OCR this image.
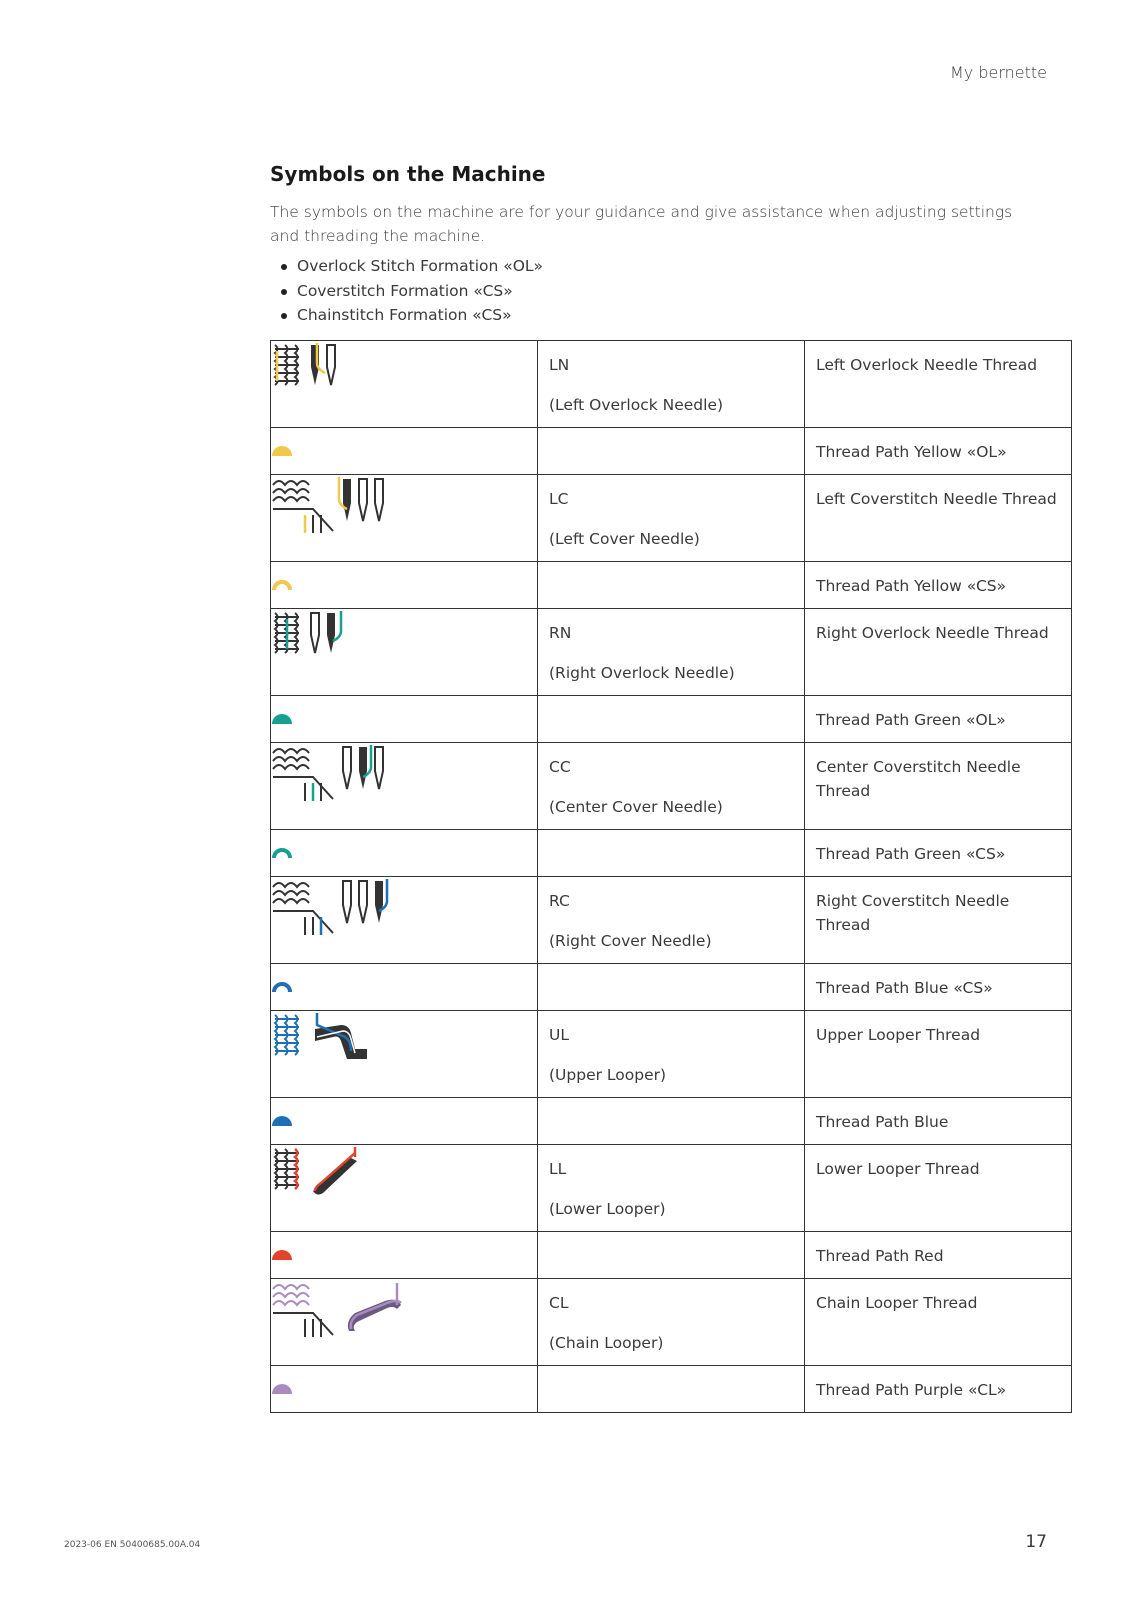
My bernette
Symbols on the Machine
The symbols on the machine are for your guidance and give assistance when adjusting settings and threading the machine.
Overlock Stitch Formation «OL»
Coverstitch Formation «CS»
Chainstitch Formation «CS»

LN
(Left Overlock Needle)	Left Overlock Needle Thread

Thread Path Yellow «OL»

LC
(Left Cover Needle)	Left Coverstitch Needle Thread

Thread Path Yellow «CS»

RN
(Right Overlock Needle)	Right Overlock Needle Thread

Thread Path Green «OL»

CC
(Center Cover Needle)	Center Coverstitch Needle Thread

Thread Path Green «CS»

RC
(Right Cover Needle)	Right Coverstitch Needle Thread

Thread Path Blue «CS»

UL
(Upper Looper)	Upper Looper Thread

Thread Path Blue

LL
(Lower Looper)	Lower Looper Thread

Thread Path Red

CL
(Chain Looper)	Chain Looper Thread

Thread Path Purple «CL»
2023-06 EN 50400685.00A.04	17
